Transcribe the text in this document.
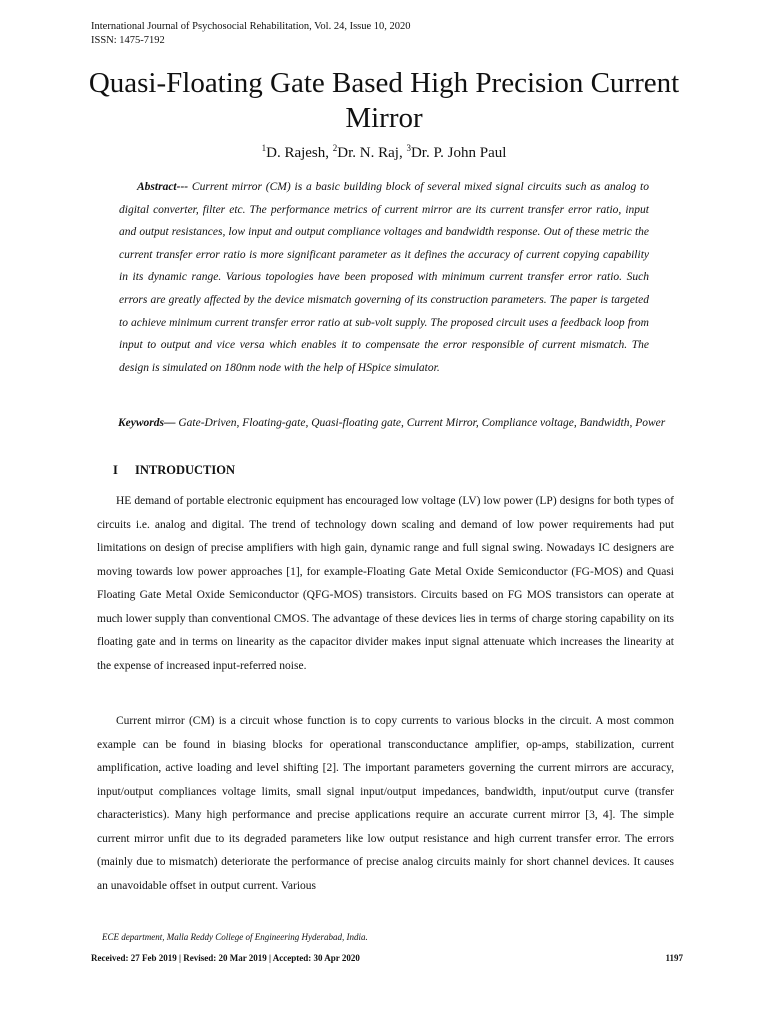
International Journal of Psychosocial Rehabilitation, Vol. 24, Issue 10, 2020
ISSN: 1475-7192
Quasi-Floating Gate Based High Precision Current Mirror
$^1$D. Rajesh, $^2$Dr. N. Raj, $^3$Dr. P. John Paul
Abstract--- Current mirror (CM) is a basic building block of several mixed signal circuits such as analog to digital converter, filter etc. The performance metrics of current mirror are its current transfer error ratio, input and output resistances, low input and output compliance voltages and bandwidth response. Out of these metric the current transfer error ratio is more significant parameter as it defines the accuracy of current copying capability in its dynamic range. Various topologies have been proposed with minimum current transfer error ratio. Such errors are greatly affected by the device mismatch governing of its construction parameters. The paper is targeted to achieve minimum current transfer error ratio at sub-volt supply. The proposed circuit uses a feedback loop from input to output and vice versa which enables it to compensate the error responsible of current mismatch. The design is simulated on 180nm node with the help of HSpice simulator.
Keywords— Gate-Driven, Floating-gate, Quasi-floating gate, Current Mirror, Compliance voltage, Bandwidth, Power
I INTRODUCTION
HE demand of portable electronic equipment has encouraged low voltage (LV) low power (LP) designs for both types of circuits i.e. analog and digital. The trend of technology down scaling and demand of low power requirements had put limitations on design of precise amplifiers with high gain, dynamic range and full signal swing. Nowadays IC designers are moving towards low power approaches [1], for example-Floating Gate Metal Oxide Semiconductor (FG-MOS) and Quasi Floating Gate Metal Oxide Semiconductor (QFG-MOS) transistors. Circuits based on FG MOS transistors can operate at much lower supply than conventional CMOS. The advantage of these devices lies in terms of charge storing capability on its floating gate and in terms on linearity as the capacitor divider makes input signal attenuate which increases the linearity at the expense of increased input-referred noise.
Current mirror (CM) is a circuit whose function is to copy currents to various blocks in the circuit. A most common example can be found in biasing blocks for operational transconductance amplifier, op-amps, stabilization, current amplification, active loading and level shifting [2]. The important parameters governing the current mirrors are accuracy, input/output compliances voltage limits, small signal input/output impedances, bandwidth, input/output curve (transfer characteristics). Many high performance and precise applications require an accurate current mirror [3, 4]. The simple current mirror unfit due to its degraded parameters like low output resistance and high current transfer error. The errors (mainly due to mismatch) deteriorate the performance of precise analog circuits mainly for short channel devices. It causes an unavoidable offset in output current. Various
ECE department, Malla Reddy College of Engineering Hyderabad, India.
Received: 27 Feb 2019 | Revised: 20 Mar 2019 | Accepted: 30 Apr 2020	1197
